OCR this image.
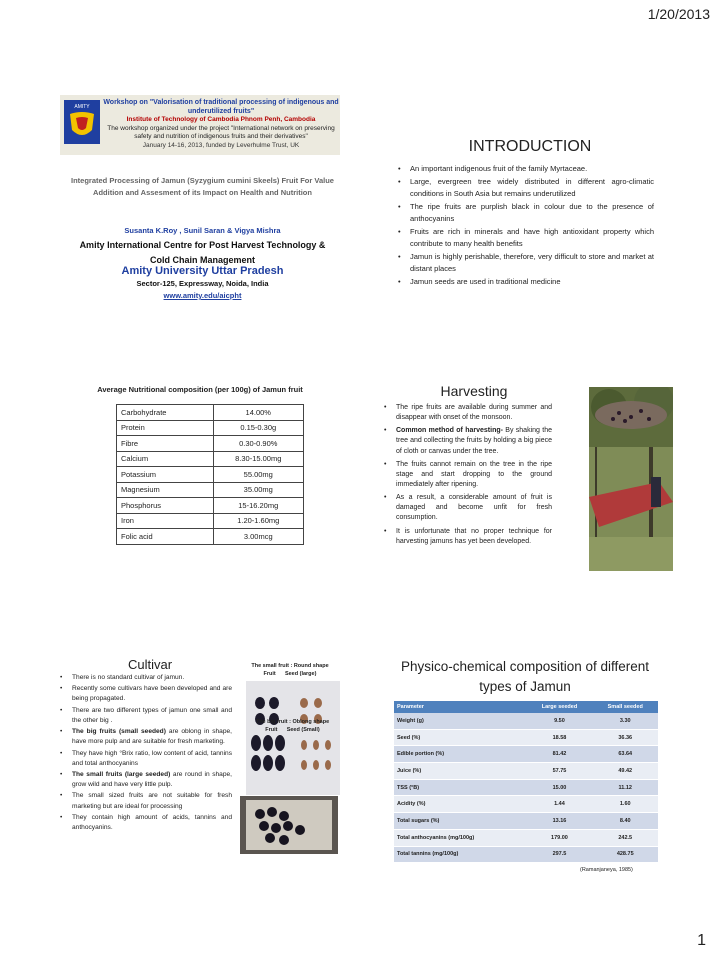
1/20/2013
AMITY
Workshop on "Valorisation of traditional processing of indigenous and underutilized fruits"
Institute of Technology of Cambodia Phnom Penh, Cambodia
The workshop organized under the project "International network on preserving safety and nutrition of indigenous fruits and their derivatives"
January 14-16, 2013, funded by Leverhulme Trust, UK
Integrated Processing of Jamun (Syzygium cumini Skeels) Fruit For Value Addition and Assesment of its Impact on Health and Nutrition
Susanta K.Roy , Sunil Saran & Vigya Mishra
Amity International Centre for Post Harvest Technology & Cold Chain Management
Amity University Uttar Pradesh
Sector-125, Expressway, Noida, India
www.amity.edu/aicpht
INTRODUCTION
• An important indigenous fruit of the family Myrtaceae.
• Large, evergreen tree widely distributed in different agro-climatic conditions in South Asia but remains underutilized
• The ripe fruits are purplish black in colour due to the presence of anthocyanins
• Fruits are rich in minerals and have high antioxidant property which contribute to many health benefits
• Jamun is highly perishable, therefore, very difficult to store and market at distant places
• Jamun seeds are used in traditional medicine
Average Nutritional composition (per 100g) of Jamun fruit
Carbohydrate	14.00%
Protein	0.15-0.30g
Fibre	0.30-0.90%
Calcium	8.30-15.00mg
Potassium	55.00mg
Magnesium	35.00mg
Phosphorus	15-16.20mg
Iron	1.20-1.60mg
Folic acid	3.00mcg
Harvesting
• The ripe fruits are available during summer and disappear with onset of the monsoon.
• Common method of harvesting- By shaking the tree and collecting the fruits by holding a big piece of cloth or canvas under the tree.
• The fruits cannot remain on the tree in the ripe stage and start dropping to the ground immediately after ripening.
• As a result, a considerable amount of fruit is damaged and become unfit for fresh consumption.
• It is unfortunate that no proper technique for harvesting jamuns has yet been developed.
Cultivar
• There is no standard cultivar of jamun.
• Recently some cultivars have been developed and are being propagated.
• There are two different types of jamun one small and the other big .
• The big fruits (small seeded) are oblong in shape, have more pulp and are suitable for fresh marketing.
• They have high °Brix ratio, low content of acid, tannins and total anthocyanins
• The small fruits (large seeded) are round in shape, grow wild and have very little pulp.
• The small sized fruits are not suitable for fresh marketing but are ideal for processing
• They contain high amount of acids, tannins and anthocyanins.
The small fruit : Round shape
Fruit Seed (large)
The big fruit : Oblong shape
Fruit Seed (Small)
Physico-chemical composition of different types of Jamun
Parameter	Large seeded	Small seeded
Weight (g)	9.50	3.30
Seed (%)	18.58	36.36
Edible portion (%)	81.42	63.64
Juice (%)	57.75	49.42
TSS (°B)	15.00	11.12
Acidity (%)	1.44	1.60
Total sugars (%)	13.16	8.40
Total anthocyanins (mg/100g)	179.00	242.5
Total tannins (mg/100g)	297.5	428.75
(Ramanjaneya, 1985)
1
